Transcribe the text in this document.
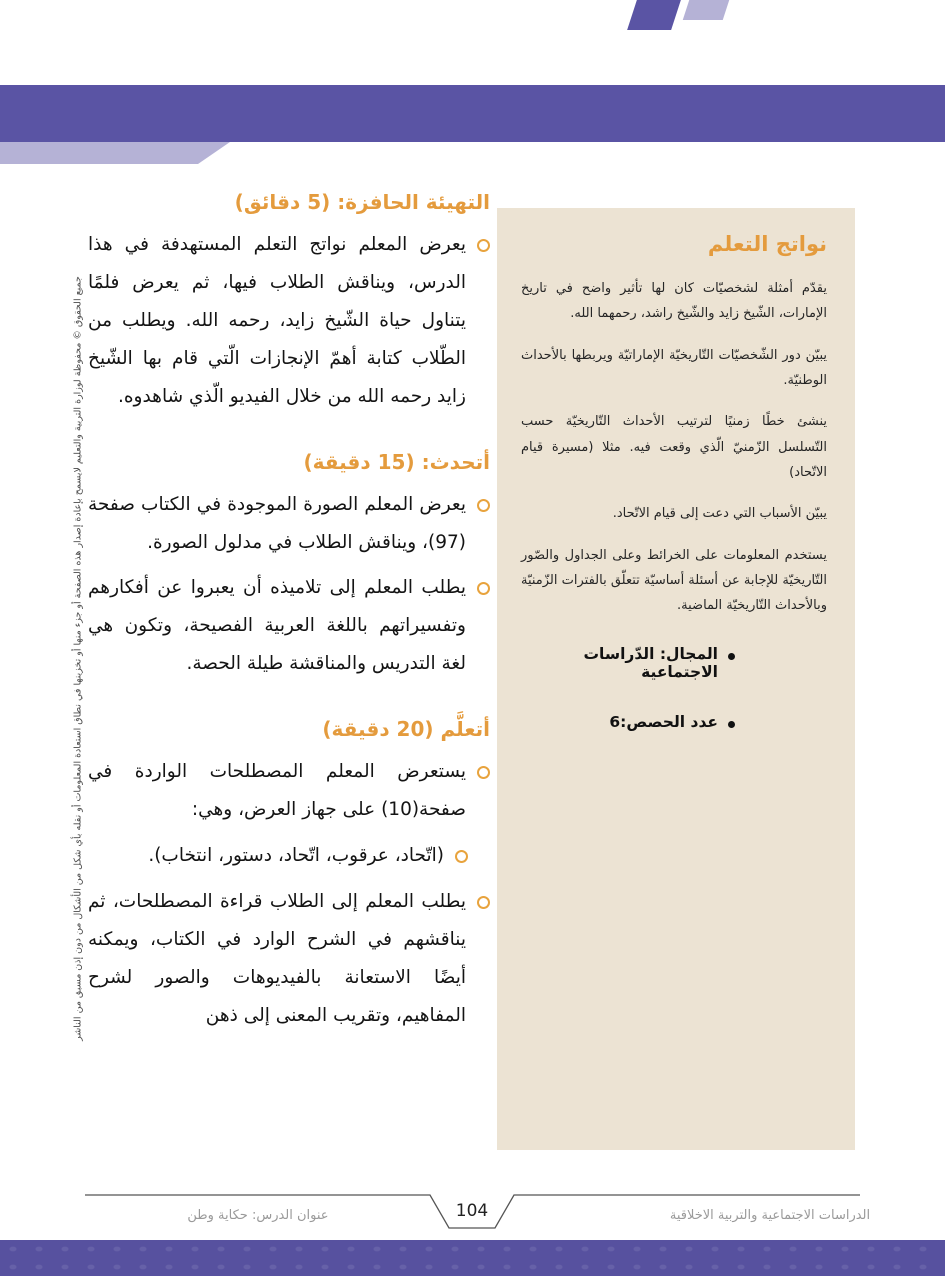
جميع الحقوق © محفوظة لوزارة التربية والتعليم لايسمح بإعادة إصدار هذه الصفحة أو جزء منها أو تخزينها في نطاق استعادة المعلومات أو نقله بأي شكل من الأشكال من دون إذن مسبق من الناشر
نواتج التعلم

يقدّم أمثلة لشخصيّات كان لها تأثير واضح في تاريخ الإمارات، الشّيخ زايد والشّيخ راشد، رحمهما الله.

يبيّن دور الشّخصيّات التّاريخيّة الإماراتيّة ويربطها بالأحداث الوطنيّة.

ينشئ خطًا زمنيًا لترتيب الأحداث التّاريخيّة حسب التّسلسل الزّمنيّ الّذي وقعت فيه. مثلا (مسيرة قيام الاتّحاد)

يبيّن الأسباب التي دعت إلى قيام الاتّحاد.

يستخدم المعلومات على الخرائط وعلى الجداول والصّور التّاريخيّة للإجابة عن أسئلة أساسيّة تتعلّق بالفترات الزّمنيّة وبالأحداث التّاريخيّة الماضية.

المجال: الدّراسات الاجتماعية
عدد الحصص:6
التهيئة الحافزة: (5 دقائق)

يعرض المعلم نواتج التعلم المستهدفة في هذا الدرس، ويناقش الطلاب فيها، ثم يعرض فلمًا يتناول حياة الشّيخ زايد، رحمه الله. ويطلب من الطّلاب كتابة أهمّ الإنجازات الّتي قام بها الشّيخ زايد رحمه الله من خلال الفيديو الّذي شاهدوه.

أتحدث: (15 دقيقة)

يعرض المعلم الصورة الموجودة في الكتاب صفحة (97)، ويناقش الطلاب في مدلول الصورة.

يطلب المعلم إلى تلاميذه أن يعبروا عن أفكارهم وتفسيراتهم باللغة العربية الفصيحة، وتكون هي لغة التدريس والمناقشة طيلة الحصة.

أتعلَّم (20 دقيقة)

يستعرض المعلم المصطلحات الواردة في صفحة(10) على جهاز العرض، وهي:

(اتّحاد، عرقوب، اتّحاد، دستور، انتخاب).

يطلب المعلم إلى الطلاب قراءة المصطلحات، ثم يناقشهم في الشرح الوارد في الكتاب، ويمكنه أيضًا الاستعانة بالفيديوهات والصور لشرح المفاهيم، وتقريب المعنى إلى ذهن

عنوان الدرس: حكاية وطن	104	الدراسات الاجتماعية والتربية الاخلاقية
